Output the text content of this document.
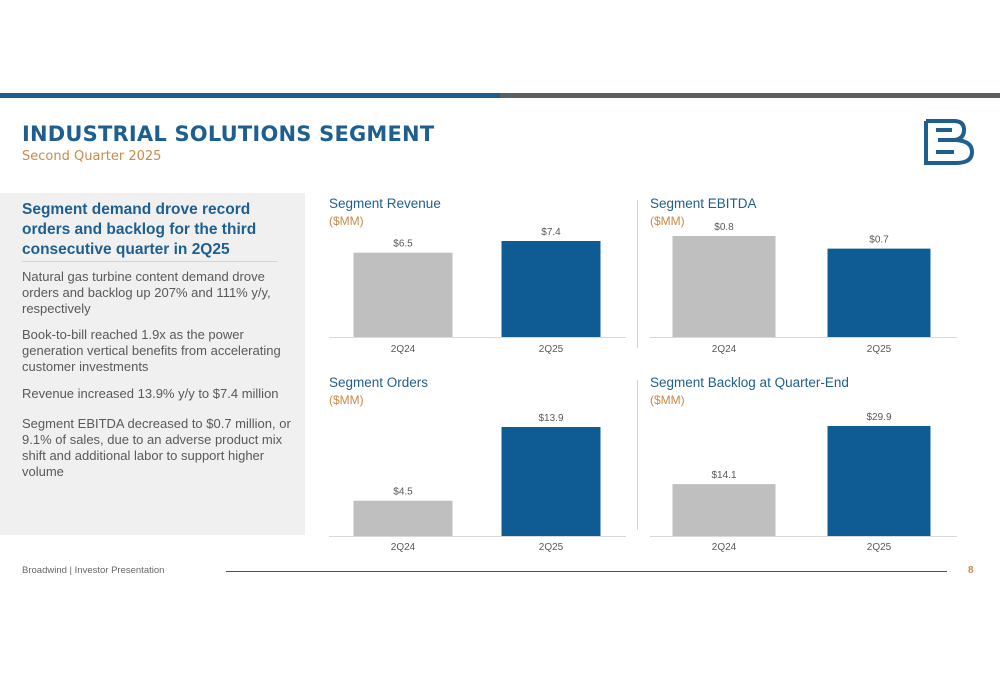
INDUSTRIAL SOLUTIONS SEGMENT
Second Quarter 2025
Segment demand drove record orders and backlog for the third consecutive quarter in 2Q25
Natural gas turbine content demand drove orders and backlog up 207% and 111% y/y, respectively
Book-to-bill reached 1.9x as the power generation vertical benefits from accelerating customer investments
Revenue increased 13.9% y/y to $7.4 million
Segment EBITDA decreased to $0.7 million, or 9.1% of sales, due to an adverse product mix shift and additional labor to support higher volume
$6.5
2Q24
$7.4
2Q25
Segment Revenue
($MM)	$0.8
2Q24
$0.7
2Q25
Segment EBITDA
($MM)
$4.5
2Q24
$13.9
2Q25
Segment Orders
($MM)
$14.1
2Q24
$29.9
2Q25
Segment Backlog at Quarter-End
($MM)
Broadwind | Investor Presentation	8
